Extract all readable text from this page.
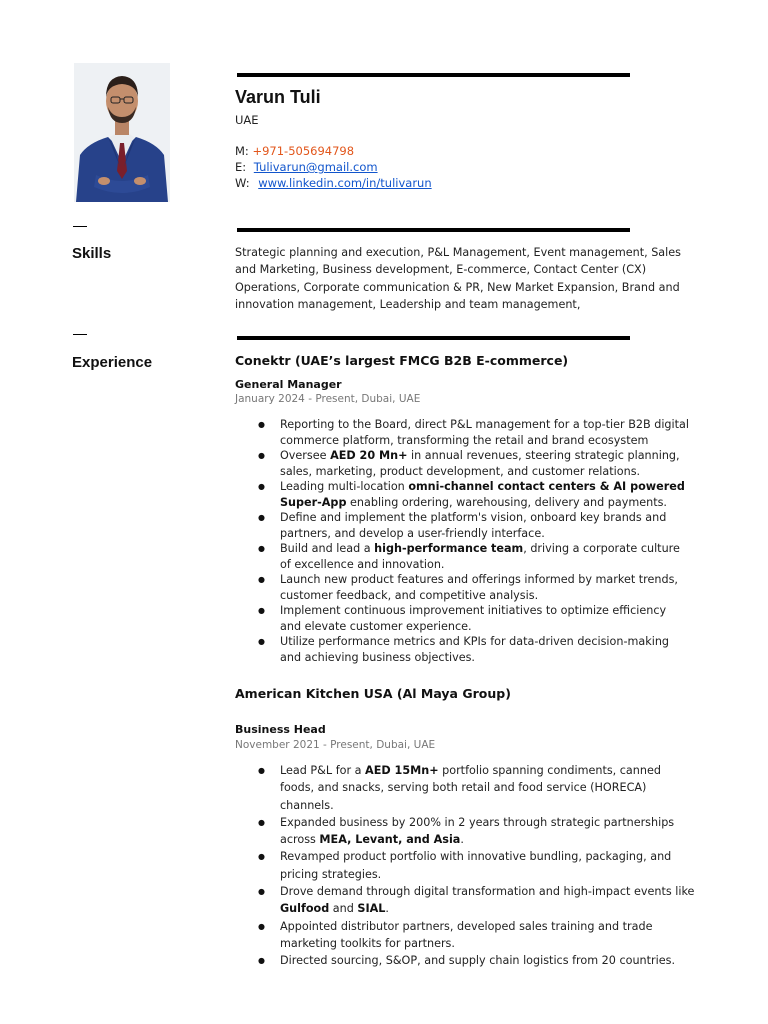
Varun Tuli
UAE
M: +971-505694798
E: Tulivarun@gmail.com
W: www.linkedin.com/in/tulivarun
Skills	Strategic planning and execution, P&L Management, Event management, Sales and Marketing, Business development, E-commerce, Contact Center (CX) Operations, Corporate communication & PR, New Market Expansion, Brand and innovation management, Leadership and team management,
Experience	Conektr (UAE’s largest FMCG B2B E-commerce)
General Manager
January 2024 - Present, Dubai, UAE
● Reporting to the Board, direct P&L management for a top-tier B2B digital commerce platform, transforming the retail and brand ecosystem
● Oversee AED 20 Mn+ in annual revenues, steering strategic planning, sales, marketing, product development, and customer relations.
● Leading multi-location omni-channel contact centers & AI powered Super-App enabling ordering, warehousing, delivery and payments.
● Define and implement the platform's vision, onboard key brands and partners, and develop a user-friendly interface.
● Build and lead a high-performance team, driving a corporate culture of excellence and innovation.
● Launch new product features and offerings informed by market trends, customer feedback, and competitive analysis.
● Implement continuous improvement initiatives to optimize efficiency and elevate customer experience.
● Utilize performance metrics and KPIs for data-driven decision-making and achieving business objectives.
American Kitchen USA (Al Maya Group)
Business Head
November 2021 - Present, Dubai, UAE
● Lead P&L for a AED 15Mn+ portfolio spanning condiments, canned foods, and snacks, serving both retail and food service (HORECA) channels.
● Expanded business by 200% in 2 years through strategic partnerships across MEA, Levant, and Asia.
● Revamped product portfolio with innovative bundling, packaging, and pricing strategies.
● Drove demand through digital transformation and high-impact events like Gulfood and SIAL.
● Appointed distributor partners, developed sales training and trade marketing toolkits for partners.
● Directed sourcing, S&OP, and supply chain logistics from 20 countries.
